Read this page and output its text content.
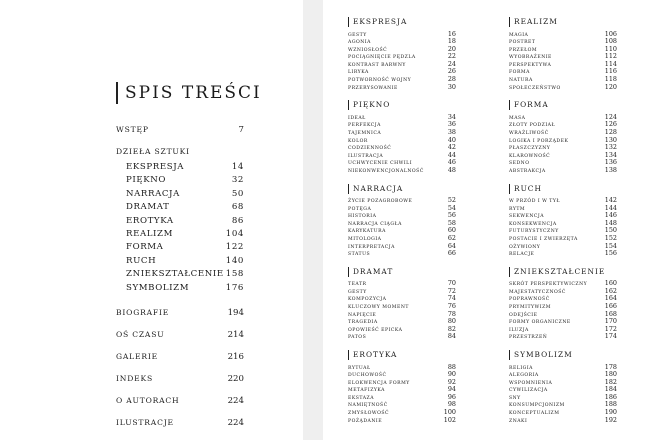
SPIS TREŚCI
WSTĘP	7
DZIEŁA SZTUKI
EKSPRESJA	14
PIĘKNO	32
NARRACJA	50
DRAMAT	68
EROTYKA	86
REALIZM	104
FORMA	122
RUCH	140
ZNIEKSZTAŁCENIE 158
SYMBOLIZM	176
BIOGRAFIE	194
OŚ CZASU	214
GALERIE	216
INDEKS	220
O AUTORACH	224
ILUSTRACJE	224
EKSPRESJA
GESTY	16
AGONIA	18
WZNIOSŁOŚĆ	20
POCIĄGNIĘCIE PĘDZLA	22
KONTRAST BARWNY	24
LIRYKA	26
POTWORNOŚĆ WOJNY	28
PRZERYSOWANIE	30
PIĘKNO
IDEAŁ	34
PERFEKCJA	36
TAJEMNICA	38
KOLOR	40
CODZIENNOŚĆ	42
ILUSTRACJA	44
UCHWYCENIE CHWILI	46
NIEKONWENCJONALNOŚĆ	48
NARRACJA
ŻYCIE POZAGROBOWE	52
POTĘGA	54
HISTORIA	56
NARRACJA CIĄGŁA	58
KARYKATURA	60
MITOLOGIA	62
INTERPRETACJA	64
STATUS	66
DRAMAT
TEATR	70
GESTY	72
KOMPOZYCJA	74
KLUCZOWY MOMENT	76
NAPIĘCIE	78
TRAGEDIA	80
OPOWIEŚĆ EPICKA	82
PATOS	84
EROTYKA
RYTUAŁ	88
DUCHOWOŚĆ	90
ELOKWENCJA FORMY	92
METAFIZYKA	94
EKSTAZA	96
NAMIĘTNOŚĆ	98
ZMYSŁOWOŚĆ	100
POŻĄDANIE	102
REALIZM
MAGIA	106
POSTRET	108
PRZEŁOM	110
WYOBRAŻENIE	112
PERSPEKTYWA	114
FORMA	116
NATURA	118
SPOŁECZEŃSTWO	120
FORMA
MASA	124
ZŁOTY PODZIAŁ	126
WRAŻLIWOŚĆ	128
LOGIKA I PORZĄDEK	130
PŁASZCZYZNY	132
KLAROWNOŚĆ	134
SEDNO	136
ABSTRAKCJA	138
RUCH
W PRZÓD I W TYŁ	142
RYTM	144
SEKWENCJA	146
KONSEKWENCJA	148
FUTURYSTYCZNY	150
POSTACIE I ZWIERZĘTA	152
OŻYWIONY	154
RELACJE	156
ZNIEKSZTAŁCENIE
SKRÓT PERSPEKTYWICZNY	160
MAJESTATYCZNOŚĆ	162
POPRAWNOŚĆ	164
PRYMITYWIZM	166
ODEJŚCIE	168
FORMY ORGANICZNE	170
ILUZJA	172
PRZESTRZEŃ	174
SYMBOLIZM
RELIGIA	178
ALEGORIA	180
WSPOMNIENIA	182
CYWILIZACJA	184
SNY	186
KONSUMPCJONIZM	188
KONCEPTUALIZM	190
ZNAKI	192
